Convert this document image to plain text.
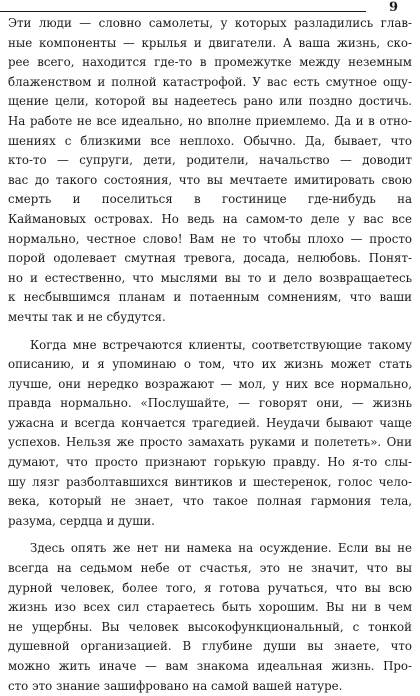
9

Эти люди — словно самолеты, у которых разладились глав-

ные компоненты — крылья и двигатели. А ваша жизнь, ско-

рее всего, находится где-то в промежутке между неземным

блаженством и полной катастрофой. У вас есть смутное ощу-

щение цели, которой вы надеетесь рано или поздно достичь.

На работе не все идеально, но вполне приемлемо. Да и в отно-

шениях с близкими все неплохо. Обычно. Да, бывает, что

кто-то — супруги, дети, родители, начальство — доводит

вас до такого состояния, что вы мечтаете имитировать свою

смерть и поселиться в гостинице где-нибудь на

Каймановых островах. Но ведь на самом-то деле у вас все

нормально, честное слово! Вам не то чтобы плохо — просто

порой одолевает смутная тревога, досада, нелюбовь. Понят-

но и естественно, что мыслями вы то и дело возвращаетесь

к несбывшимся планам и потаенным сомнениям, что ваши

мечты так и не сбудутся.

Когда мне встречаются клиенты, соответствующие такому

описанию, и я упоминаю о том, что их жизнь может стать

лучше, они нередко возражают — мол, у них все нормально,

правда нормально. «Послушайте, — говорят они, — жизнь

ужасна и всегда кончается трагедией. Неудачи бывают чаще

успехов. Нельзя же просто замахать руками и полететь». Они

думают, что просто признают горькую правду. Но я-то слы-

шу лязг разболтавшихся винтиков и шестеренок, голос чело-

века, который не знает, что такое полная гармония тела,

разума, сердца и души.

Здесь опять же нет ни намека на осуждение. Если вы не

всегда на седьмом небе от счастья, это не значит, что вы

дурной человек, более того, я готова ручаться, что вы всю

жизнь изо всех сил стараетесь быть хорошим. Вы ни в чем

не ущербны. Вы человек высокофункциональный, с тонкой

душевной организацией. В глубине души вы знаете, что

можно жить иначе — вам знакома идеальная жизнь. Про-

сто это знание зашифровано на самой вашей натуре.
